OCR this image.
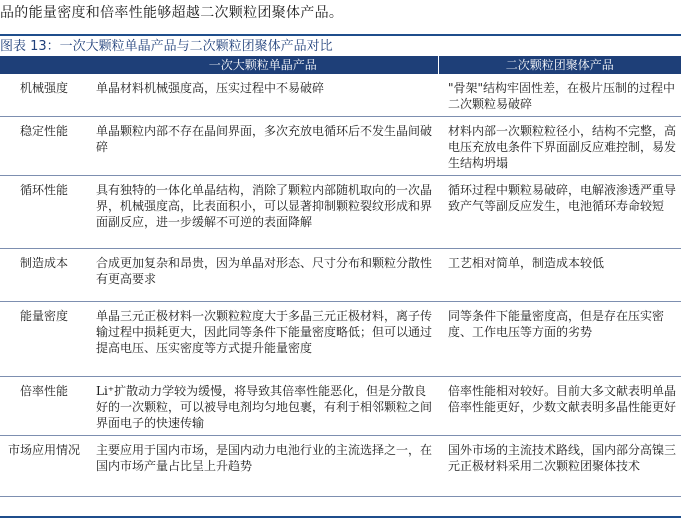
品的能量密度和倍率性能够超越二次颗粒团聚体产品。
图表 13：一次大颗粒单晶产品与二次颗粒团聚体产品对比
	一次大颗粒单晶产品	二次颗粒团聚体产品
机械强度	单晶材料机械强度高，压实过程中不易破碎	"骨架"结构牢固性差，在极片压制的过程中二次颗粒易破碎
稳定性能	单晶颗粒内部不存在晶间界面，多次充放电循环后不发生晶间破碎	材料内部一次颗粒粒径小，结构不完整，高电压充放电条件下界面副反应难控制，易发生结构坍塌
循环性能	具有独特的一体化单晶结构，消除了颗粒内部随机取向的一次晶界，机械强度高，比表面积小，可以显著抑制颗粒裂纹形成和界面副反应，进一步缓解不可逆的表面降解	循环过程中颗粒易破碎，电解液渗透严重导致产气等副反应发生，电池循环寿命较短
制造成本	合成更加复杂和昂贵，因为单晶对形态、尺寸分布和颗粒分散性有更高要求	工艺相对简单，制造成本较低
能量密度	单晶三元正极材料一次颗粒粒度大于多晶三元正极材料，离子传输过程中损耗更大，因此同等条件下能量密度略低；但可以通过提高电压、压实密度等方式提升能量密度	同等条件下能量密度高，但是存在压实密度、工作电压等方面的劣势
倍率性能	Li⁺扩散动力学较为缓慢，将导致其倍率性能恶化，但是分散良好的一次颗粒，可以被导电剂均匀地包裹，有利于相邻颗粒之间界面电子的快速传输	倍率性能相对较好。目前大多文献表明单晶倍率性能更好，少数文献表明多晶性能更好
市场应用情况	主要应用于国内市场，是国内动力电池行业的主流选择之一，在国内市场产量占比呈上升趋势	国外市场的主流技术路线，国内部分高镍三元正极材料采用二次颗粒团聚体技术
